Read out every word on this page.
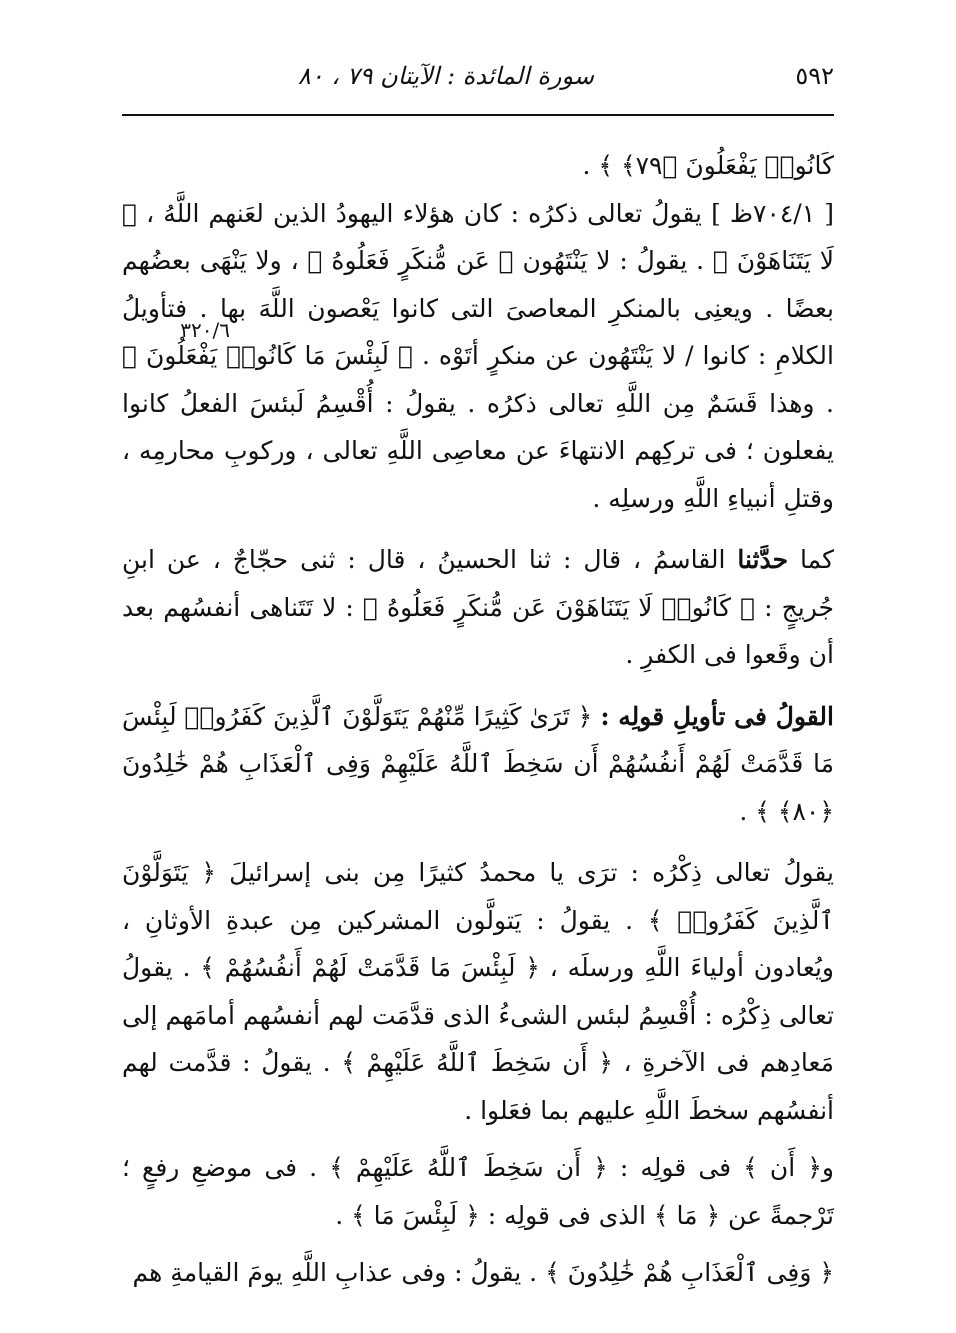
٥٩٢
سورة المائدة : الآيتان ٧٩ ، ٨٠
٣٢٠/٦

كَانُوا۟ يَفْعَلُونَ ﴿٧٩﴾ ﴾ .

[ ٧٠٤/١ظ ] يقولُ تعالى ذكرُه : كان هؤلاء اليهودُ الذين لعَنهم اللَّهُ ، ﴿ لَا يَتَنَاهَوْنَ ﴾ . يقولُ : لا يَنْتَهُون ﴿ عَن مُّنكَرٍ فَعَلُوهُ ﴾ ، ولا يَنْهَى بعضُهم بعضًا . ويعنِى بالمنكرِ المعاصىَ التى كانوا يَعْصون اللَّهَ بها . فتأويلُ الكلامِ : كانوا / لا يَنْتَهُون عن منكرٍ أتَوْه . ﴿ لَبِئْسَ مَا كَانُوا۟ يَفْعَلُونَ ﴾ . وهذا قَسَمٌ مِن اللَّهِ تعالى ذكرُه . يقولُ : أُقْسِمُ لَبئسَ الفعلُ كانوا يفعلون ؛ فى تركِهم الانتهاءَ عن معاصِى اللَّهِ تعالى ، وركوبِ محارمِه ، وقتلِ أنبياءِ اللَّهِ ورسلِه .

كما حدَّثنا القاسمُ ، قال : ثنا الحسينُ ، قال : ثنى حجّاجٌ ، عن ابنِ جُريجٍ : ﴿ كَانُوا۟ لَا يَتَنَاهَوْنَ عَن مُّنكَرٍ فَعَلُوهُ ﴾ : لا تَتَناهى أنفسُهم بعد أن وقَعوا فى الكفرِ .

القولُ فى تأويلِ قولِه : ﴿ تَرَىٰ كَثِيرًا مِّنْهُمْ يَتَوَلَّوْنَ ٱلَّذِينَ كَفَرُوا۟ لَبِئْسَ مَا قَدَّمَتْ لَهُمْ أَنفُسُهُمْ أَن سَخِطَ ٱللَّهُ عَلَيْهِمْ وَفِى ٱلْعَذَابِ هُمْ خَٰلِدُونَ ﴿٨٠﴾ ﴾ .

يقولُ تعالى ذِكْرُه : ترَى يا محمدُ كثيرًا مِن بنى إسرائيلَ ﴿ يَتَوَلَّوْنَ ٱلَّذِينَ كَفَرُوا۟ ﴾ . يقولُ : يَتولَّون المشركين مِن عبدةِ الأوثانِ ، ويُعادون أولياءَ اللَّهِ ورسلَه ، ﴿ لَبِئْسَ مَا قَدَّمَتْ لَهُمْ أَنفُسُهُمْ ﴾ . يقولُ تعالى ذِكْرُه : أُقْسِمُ لبئس الشىءُ الذى قدَّمَت لهم أنفسُهم أمامَهم إلى مَعادِهم فى الآخرةِ ، ﴿ أَن سَخِطَ ٱللَّهُ عَلَيْهِمْ ﴾ . يقولُ : قدَّمت لهم أنفسُهم سخطَ اللَّهِ عليهم بما فعَلوا .

و﴿ أَن ﴾ فى قولِه : ﴿ أَن سَخِطَ ٱللَّهُ عَلَيْهِمْ ﴾ . فى موضعِ رفعٍ ؛ تَرْجمةً عن ﴿ مَا ﴾ الذى فى قولِه : ﴿ لَبِئْسَ مَا ﴾ .

﴿ وَفِى ٱلْعَذَابِ هُمْ خَٰلِدُونَ ﴾ . يقولُ : وفى عذابِ اللَّهِ يومَ القيامةِ هم
